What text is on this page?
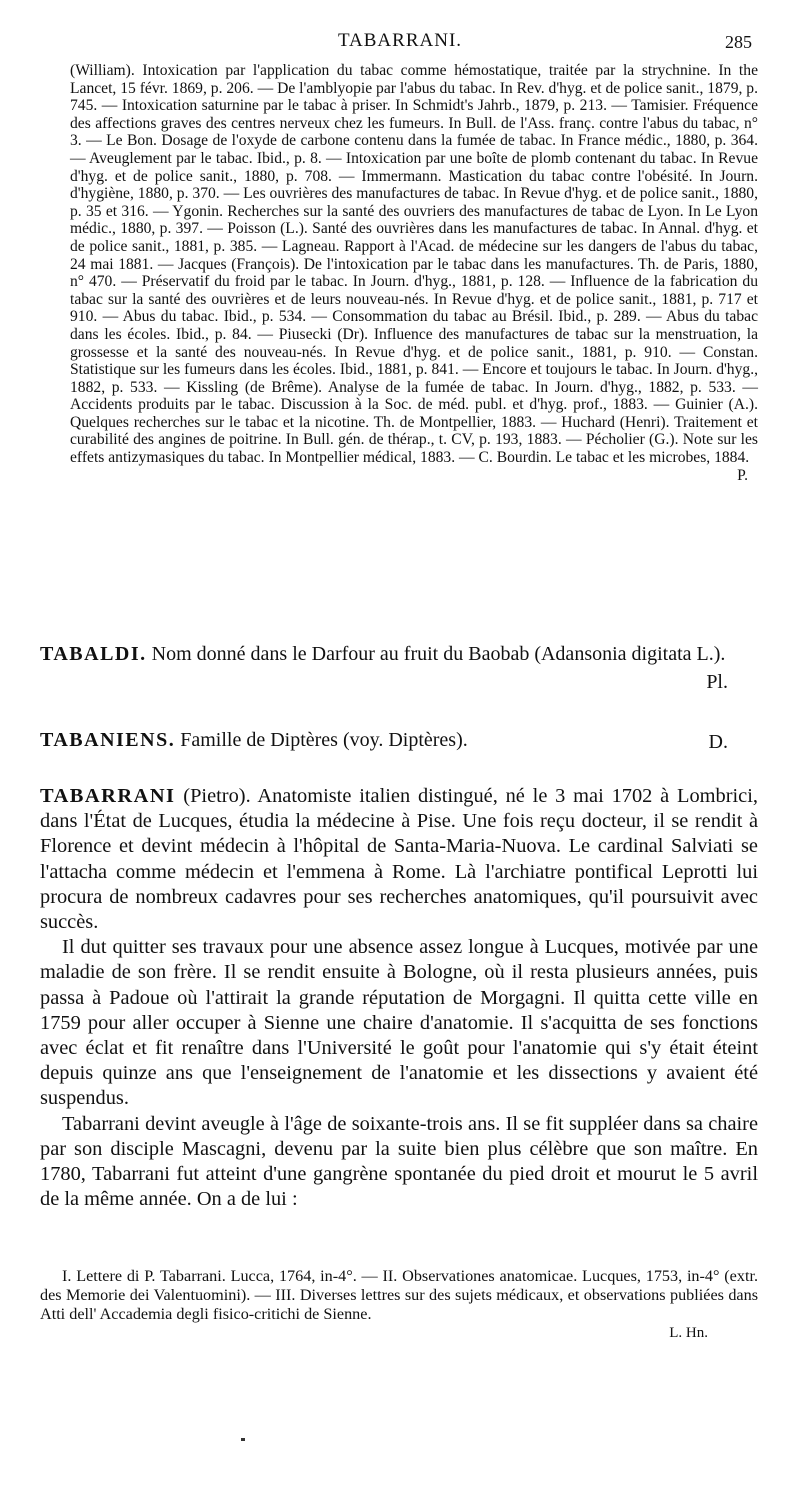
TABARRANI.	285
(William). Intoxication par l'application du tabac comme hémostatique, traitée par la strychnine. In the Lancet, 15 févr. 1869, p. 206. — De l'amblyopie par l'abus du tabac. In Rev. d'hyg. et de police sanit., 1879, p. 745. — Intoxication saturnine par le tabac à priser. In Schmidt's Jahrb., 1879, p. 213. — Tamisier. Fréquence des affections graves des centres nerveux chez les fumeurs. In Bull. de l'Ass. franç. contre l'abus du tabac, n° 3. — Le Bon. Dosage de l'oxyde de carbone contenu dans la fumée de tabac. In France médic., 1880, p. 364. — Aveuglement par le tabac. Ibid., p. 8. — Intoxication par une boîte de plomb contenant du tabac. In Revue d'hyg. et de police sanit., 1880, p. 708. — Immermann. Mastication du tabac contre l'obésité. In Journ. d'hygiène, 1880, p. 370. — Les ouvrières des manufactures de tabac. In Revue d'hyg. et de police sanit., 1880, p. 35 et 316. — Ygonin. Recherches sur la santé des ouvriers des manufactures de tabac de Lyon. In Le Lyon médic., 1880, p. 397. — Poisson (L.). Santé des ouvrières dans les manufactures de tabac. In Annal. d'hyg. et de police sanit., 1881, p. 385. — Lagneau. Rapport à l'Acad. de médecine sur les dangers de l'abus du tabac, 24 mai 1881. — Jacques (François). De l'intoxication par le tabac dans les manufactures. Th. de Paris, 1880, n° 470. — Préservatif du froid par le tabac. In Journ. d'hyg., 1881, p. 128. — Influence de la fabrication du tabac sur la santé des ouvrières et de leurs nouveau-nés. In Revue d'hyg. et de police sanit., 1881, p. 717 et 910. — Abus du tabac. Ibid., p. 534. — Consommation du tabac au Brésil. Ibid., p. 289. — Abus du tabac dans les écoles. Ibid., p. 84. — Piusecki (Dr). Influence des manufactures de tabac sur la menstruation, la grossesse et la santé des nouveau-nés. In Revue d'hyg. et de police sanit., 1881, p. 910. — Constan. Statistique sur les fumeurs dans les écoles. Ibid., 1881, p. 841. — Encore et toujours le tabac. In Journ. d'hyg., 1882, p. 533. — Kissling (de Brême). Analyse de la fumée de tabac. In Journ. d'hyg., 1882, p. 533. — Accidents produits par le tabac. Discussion à la Soc. de méd. publ. et d'hyg. prof., 1883. — Guinier (A.). Quelques recherches sur le tabac et la nicotine. Th. de Montpellier, 1883. — Huchard (Henri). Traitement et curabilité des angines de poitrine. In Bull. gén. de thérap., t. CV, p. 193, 1883. — Pécholier (G.). Note sur les effets antizymasiques du tabac. In Montpellier médical, 1883. — C. Bourdin. Le tabac et les microbes, 1884.
P.
TABALDI. Nom donné dans le Darfour au fruit du Baobab (Adansonia digitata L.).
Pl.
TABANIENS. Famille de Diptères (voy. Diptères).	D.

TABARRANI (Pietro). Anatomiste italien distingué, né le 3 mai 1702 à Lombrici, dans l'État de Lucques, étudia la médecine à Pise. Une fois reçu docteur, il se rendit à Florence et devint médecin à l'hôpital de Santa-Maria-Nuova. Le cardinal Salviati se l'attacha comme médecin et l'emmena à Rome. Là l'archiatre pontifical Leprotti lui procura de nombreux cadavres pour ses recherches anatomiques, qu'il poursuivit avec succès.

Il dut quitter ses travaux pour une absence assez longue à Lucques, motivée par une maladie de son frère. Il se rendit ensuite à Bologne, où il resta plusieurs années, puis passa à Padoue où l'attirait la grande réputation de Morgagni. Il quitta cette ville en 1759 pour aller occuper à Sienne une chaire d'anatomie. Il s'acquitta de ses fonctions avec éclat et fit renaître dans l'Université le goût pour l'anatomie qui s'y était éteint depuis quinze ans que l'enseignement de l'anatomie et les dissections y avaient été suspendus.

Tabarrani devint aveugle à l'âge de soixante-trois ans. Il se fit suppléer dans sa chaire par son disciple Mascagni, devenu par la suite bien plus célèbre que son maître. En 1780, Tabarrani fut atteint d'une gangrène spontanée du pied droit et mourut le 5 avril de la même année. On a de lui :

I. Lettere di P. Tabarrani. Lucca, 1764, in-4°. — II. Observationes anatomicae. Lucques, 1753, in-4° (extr. des Memorie dei Valentuomini). — III. Diverses lettres sur des sujets médicaux, et observations publiées dans Atti dell' Accademia degli fisico-critichi de Sienne.

L. Hn.
